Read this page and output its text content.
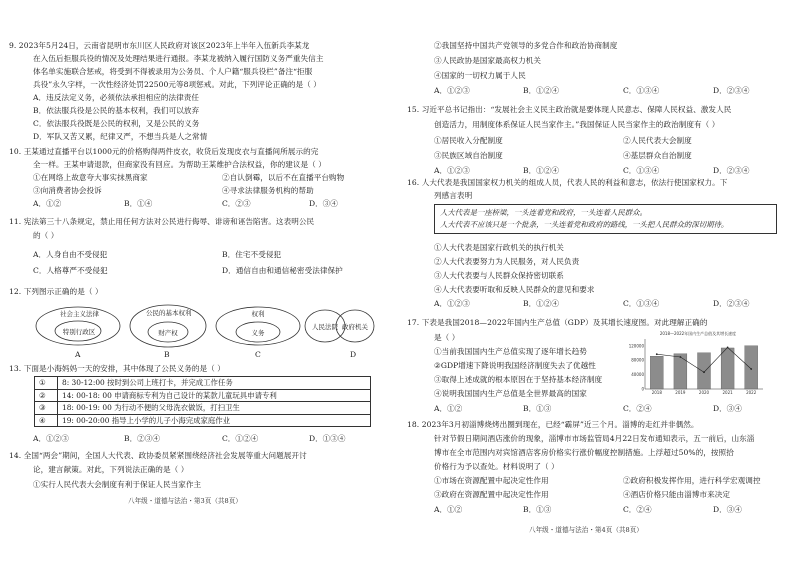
9. 2023年5月24日，云南省昆明市东川区人民政府对该区2023年上半年入伍新兵李某龙
在入伍后拒服兵役的情况及处理结果进行通报。李某龙被纳入履行国防义务严重失信主
体名单实施联合惩戒，将受到不得被录用为公务员、个人户籍“服兵役栏”备注“拒服
兵役”永久字样，一次性经济处罚22500元等8项惩戒。对此，下列评论正确的是（ ）
A．违反法定义务，必须依法承担相应的法律责任
B．依法服兵役是公民的基本权利，我们可以放弃
C．依法服兵役既是公民的权利，又是公民的义务
D．军队又苦又累，纪律又严，不想当兵是人之常情
10. 王某通过直播平台以1000元的价格购得两件皮衣，收货后发现皮衣与直播间所展示的完
全一样。王某申请退款，但商家没有回应。为帮助王某维护合法权益，你的建议是（ ）
①在网络上故意夸大事实抹黑商家	②自认倒霉，以后不在直播平台购物
③向消费者协会投诉	④寻求法律服务机构的帮助
A．①②	B．①④	C．②③	D．③④
11. 宪法第三十八条规定，禁止用任何方法对公民进行侮辱、诽谤和诬告陷害。这表明公民
的（ ）
A．人身自由不受侵犯	B．住宅不受侵犯
C．人格尊严不受侵犯	D．通信自由和通信秘密受法律保护
12. 下列图示正确的是（ ）
社会主义法律
特别行政区
公民的基本权利
财产权
权利
义务
人民法院 政府机关
A	B	C	D
13. 下面是小海妈妈一天的安排，其中体现了公民义务的是（ ）
①	8: 30-12:00 按时到公司上班打卡，并完成工作任务
②	14: 00-18: 00 申请商标专利为自己设计的某款儿童玩具申请专利
③	18: 00-19: 00 为行动不便的父母洗衣做饭，打扫卫生
④	19: 00-20:00 指导上小学的儿子小海完成家庭作业
A．①②③	B．②③④	C．①②④	D．①③④
14. 全国“两会”期间，全国人大代表、政协委员紧紧围绕经济社会发展等重大问题展开讨
论，建言献策。对此，下列说法正确的是（ ）
①实行人民代表大会制度有利于保证人民当家作主
八年级・道德与法治・第3页（共8页）
②我国坚持中国共产党领导的多党合作和政治协商制度
③人民政协是国家最高权力机关
④国家的一切权力属于人民
A．①②③	B．①②④	C．①③④	D．②③④
15. 习近平总书记指出：“发展社会主义民主政治就是要体现人民意志、保障人民权益、激发人民
创造活力，用制度体系保证人民当家作主。”我国保证人民当家作主的政治制度有（ ）
①居民收入分配制度	②人民代表大会制度
③民族区域自治制度	④基层群众自治制度
A．①②③	B．①②④	C．①③④	D．②③④
16. 人大代表是我国国家权力机关的组成人员，代表人民的利益和意志，依法行使国家权力。下
列感言表明
人大代表是一座桥梁，一头连着党和政府，一头连着人民群众。
人大代表不应该只是一个批条，一头连着党和政府的路线，一头把人民群众的深切期待。
①人大代表是国家行政机关的执行机关
②人大代表要努力为人民服务，对人民负责
③人大代表要与人民群众保持密切联系
④人大代表要听取和反映人民群众的意见和要求
A．①②③	B．①②④	C．①③④	D．②③④
17. 下表是我国2018—2022年国内生产总值（GDP）及其增长速度图。对此理解正确的
是（ ）
①当前我国国内生产总值实现了逐年增长趋势
②GDP增速下降说明我国经济制度失去了优越性
③取得上述成就的根本原因在于坚持基本经济制度
④说明我国国内生产总值是全世界最高的国家
A．①②	B．①③	C．②④	D．③④
2018—2022年国内生产总值及其增长速度
2018	2019	2020	2021	2022
0
40000
80000
120000
18. 2023年3月初淄博烧烤出圈到现在，已经“霸屏”近三个月。淄博的走红并非偶然。
针对节假日期间酒店涨价的现象，淄博市市场监管局4月22日发布通知表示，五一前后，山东淄
博市在全市范围内对宾馆酒店客房价格实行涨价幅度控制措施。上浮超过50%的，按照拾
价格行为予以查处。材料说明了（ ）
①市场在资源配置中起决定性作用	②政府积极发挥作用，进行科学宏观调控
③政府在资源配置中起决定性作用	④酒店价格只能由淄博市来决定
A．①②	B．①③	C．②④	D．③④
八年级・道德与法治・第4页（共8页）
